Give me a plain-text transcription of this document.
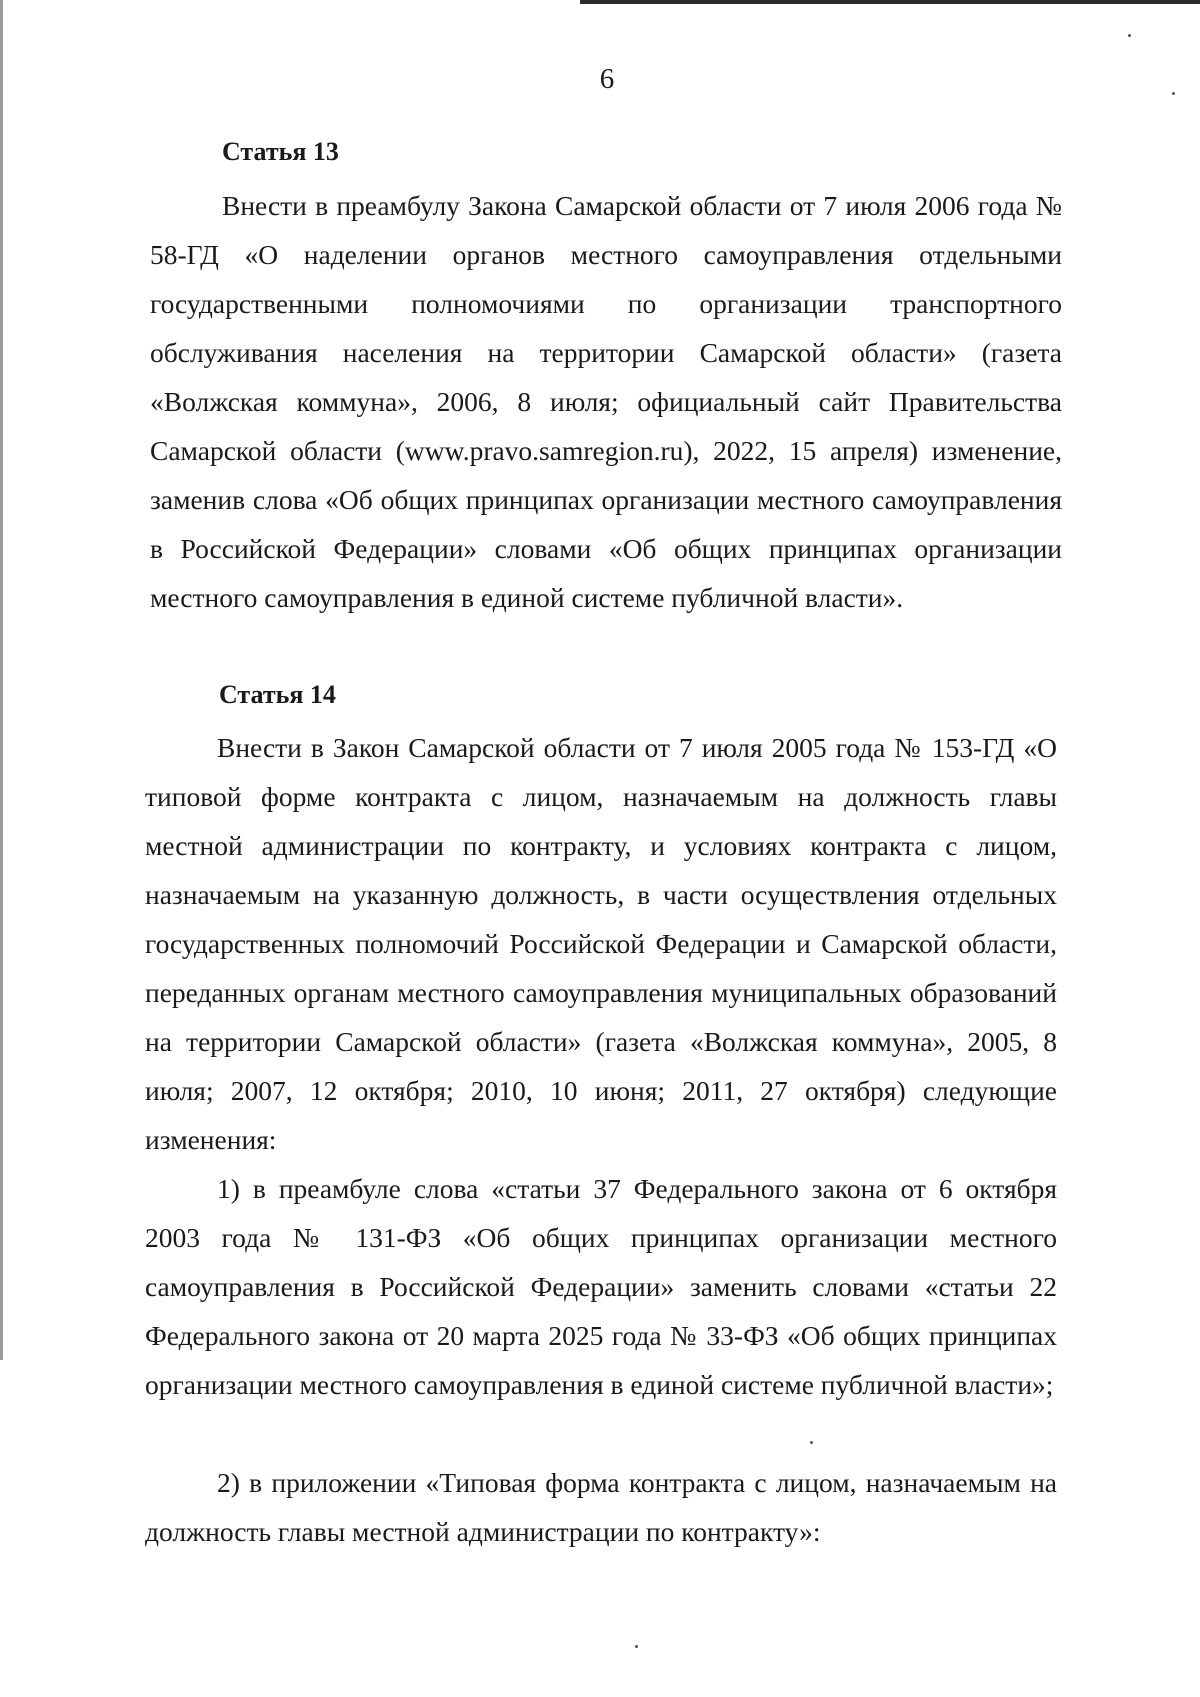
6
Статья 13

Внести в преамбулу Закона Самарской области от 7 июля 2006 года № 58-ГД «О наделении органов местного самоуправления отдельными государственными полномочиями по организации транспортного обслуживания населения на территории Самарской области» (газета «Волжская коммуна», 2006, 8 июля; официальный сайт Правительства Самарской области (www.pravo.samregion.ru), 2022, 15 апреля) изменение, заменив слова «Об общих принципах организации местного самоуправления в Российской Федерации» словами «Об общих принципах организации местного самоуправления в единой системе публичной власти».

Статья 14

Внести в Закон Самарской области от 7 июля 2005 года № 153-ГД «О типовой форме контракта с лицом, назначаемым на должность главы местной администрации по контракту, и условиях контракта с лицом, назначаемым на указанную должность, в части осуществления отдельных государственных полномочий Российской Федерации и Самарской области, переданных органам местного самоуправления муниципальных образований на территории Самарской области» (газета «Волжская коммуна», 2005, 8 июля; 2007, 12 октября; 2010, 10 июня; 2011, 27 октября) следующие изменения:

1) в преамбуле слова «статьи 37 Федерального закона от 6 октября 2003 года № 131-ФЗ «Об общих принципах организации местного самоуправления в Российской Федерации» заменить словами «статьи 22 Федерального закона от 20 марта 2025 года № 33-ФЗ «Об общих принципах организации местного самоуправления в единой системе публичной власти»;

2) в приложении «Типовая форма контракта с лицом, назначаемым на должность главы местной администрации по контракту»:
